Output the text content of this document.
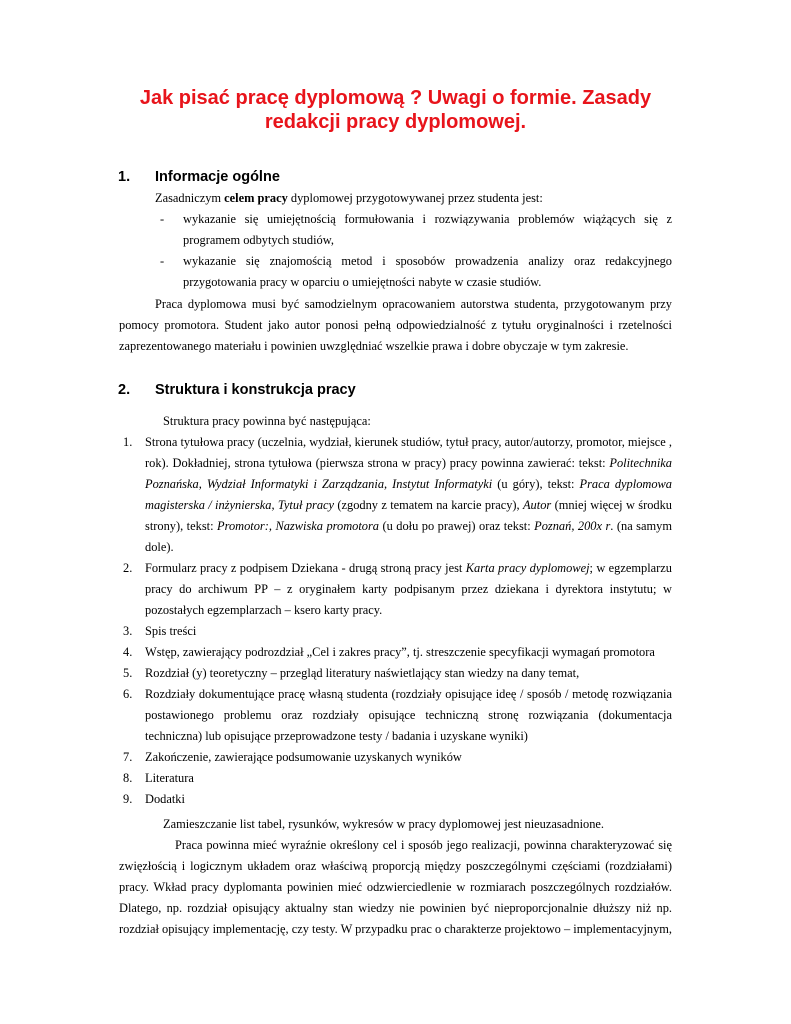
Jak pisać pracę dyplomową ? Uwagi o formie. Zasady redakcji pracy dyplomowej.
1. Informacje ogólne
Zasadniczym celem pracy dyplomowej przygotowywanej przez studenta jest:
-	wykazanie się umiejętnością formułowania i rozwiązywania problemów wiążących się z programem odbytych studiów,
-	wykazanie się znajomością metod i sposobów prowadzenia analizy oraz redakcyjnego przygotowania pracy w oparciu o umiejętności nabyte w czasie studiów.
Praca dyplomowa musi być samodzielnym opracowaniem autorstwa studenta, przygotowanym przy pomocy promotora. Student jako autor ponosi pełną odpowiedzialność z tytułu oryginalności i rzetelności zaprezentowanego materiału i powinien uwzględniać wszelkie prawa i dobre obyczaje w tym zakresie.
2. Struktura i konstrukcja pracy
Struktura pracy powinna być następująca:
1.	Strona tytułowa pracy (uczelnia, wydział, kierunek studiów, tytuł pracy, autor/autorzy, promotor, miejsce , rok). Dokładniej, strona tytułowa (pierwsza strona w pracy) pracy powinna zawierać: tekst: Politechnika Poznańska, Wydział Informatyki i Zarządzania, Instytut Informatyki (u góry), tekst: Praca dyplomowa magisterska / inżynierska, Tytuł pracy (zgodny z tematem na karcie pracy), Autor (mniej więcej w środku strony), tekst: Promotor:, Nazwiska promotora (u dołu po prawej) oraz tekst: Poznań, 200x r. (na samym dole).
2.	Formularz pracy z podpisem Dziekana - drugą stroną pracy jest Karta pracy dyplomowej; w egzemplarzu pracy do archiwum PP – z oryginałem karty podpisanym przez dziekana i dyrektora instytutu; w pozostałych egzemplarzach – ksero karty pracy.
3.	Spis treści
4.	Wstęp, zawierający podrozdział „Cel i zakres pracy”, tj. streszczenie specyfikacji wymagań promotora
5.	Rozdział (y) teoretyczny – przegląd literatury naświetlający stan wiedzy na dany temat,
6.	Rozdziały dokumentujące pracę własną studenta (rozdziały opisujące ideę / sposób / metodę rozwiązania postawionego problemu oraz rozdziały opisujące techniczną stronę rozwiązania (dokumentacja techniczna) lub opisujące przeprowadzone testy / badania i uzyskane wyniki)
7.	Zakończenie, zawierające podsumowanie uzyskanych wyników
8.	Literatura
9.	Dodatki
Zamieszczanie list tabel, rysunków, wykresów w pracy dyplomowej jest nieuzasadnione.
Praca powinna mieć wyraźnie określony cel i sposób jego realizacji, powinna charakteryzować się zwięzłością i logicznym układem oraz właściwą proporcją między poszczególnymi częściami (rozdziałami) pracy. Wkład pracy dyplomanta powinien mieć odzwierciedlenie w rozmiarach poszczególnych rozdziałów. Dlatego, np. rozdział opisujący aktualny stan wiedzy nie powinien być nieproporcjonalnie dłuższy niż np. rozdział opisujący implementację, czy testy. W przypadku prac o charakterze projektowo – implementacyjnym,
